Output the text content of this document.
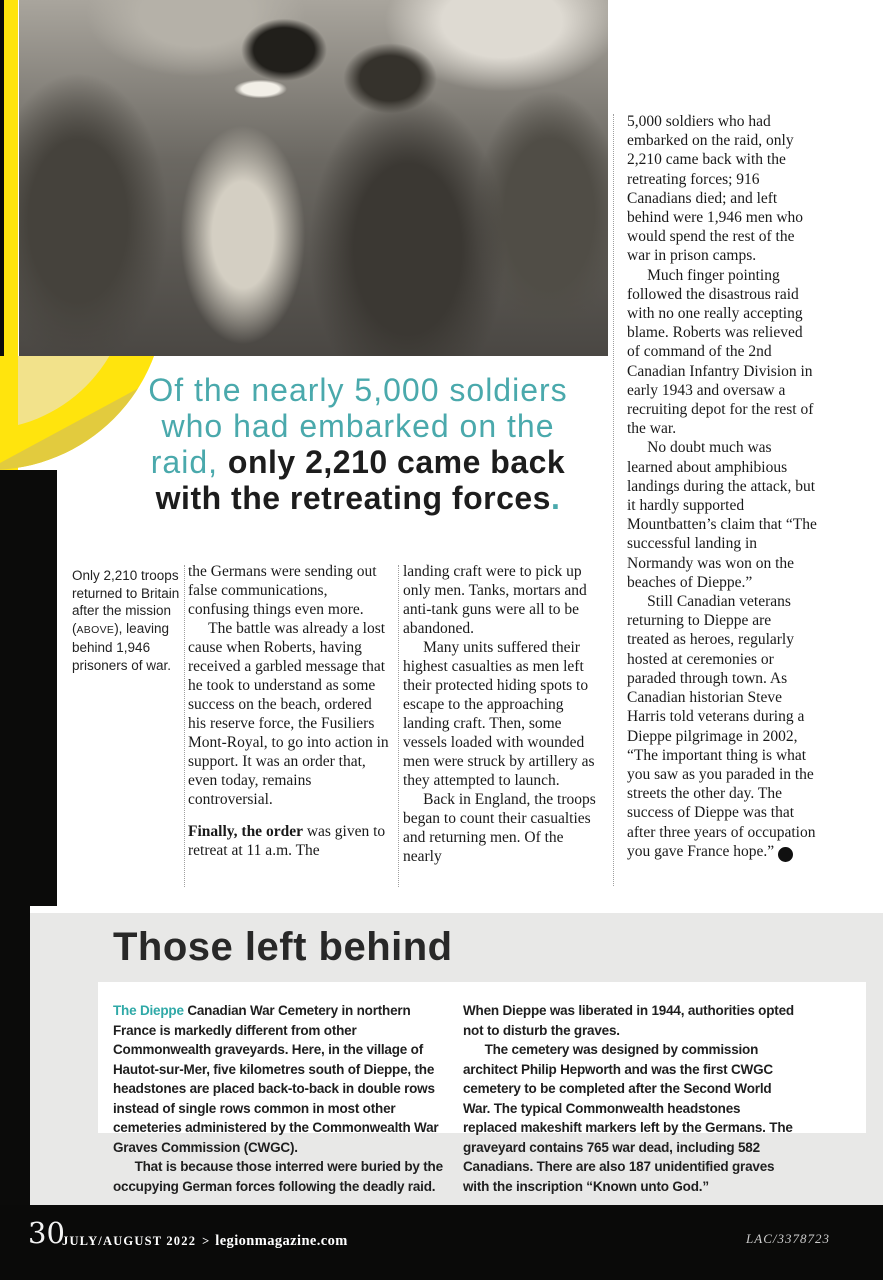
Of the nearly 5,000 soldiers
who had embarked on the
raid, only 2,210 came back
with the retreating forces.
Only 2,210 troops returned to Britain after the mission (ABOVE), leaving behind 1,946 prisoners of war.

the Germans were sending out false communications, confusing things even more.

The battle was already a lost cause when Roberts, having received a garbled message that he took to understand as some success on the beach, ordered his reserve force, the Fusiliers Mont-Royal, to go into action in support. It was an order that, even today, remains controversial.

Finally, the order was given to retreat at 11 a.m. The

landing craft were to pick up only men. Tanks, mortars and anti-tank guns were all to be abandoned.

Many units suffered their highest casualties as men left their protected hiding spots to escape to the approaching landing craft. Then, some vessels loaded with wounded men were struck by artillery as they attempted to launch.

Back in England, the troops began to count their casualties and returning men. Of the nearly

5,000 soldiers who had embarked on the raid, only 2,210 came back with the retreating forces; 916 Canadians died; and left behind were 1,946 men who would spend the rest of the war in prison camps.

Much finger pointing followed the disastrous raid with no one really accepting blame. Roberts was relieved of command of the 2nd Canadian Infantry Division in early 1943 and oversaw a recruiting depot for the rest of the war.

No doubt much was learned about amphibious landings during the attack, but it hardly supported Mountbatten’s claim that “The successful landing in Normandy was won on the beaches of Dieppe.”

Still Canadian veterans returning to Dieppe are treated as heroes, regularly hosted at ceremonies or paraded through town. As Canadian historian Steve Harris told veterans during a Dieppe pilgrimage in 2002, “The important thing is what you saw as you paraded in the streets the other day. The success of Dieppe was that after three years of occupation you gave France hope.” 0

Those left behind

The Dieppe Canadian War Cemetery in northern France is markedly different from other Commonwealth graveyards. Here, in the village of Hautot-sur-Mer, five kilometres south of Dieppe, the headstones are placed back-to-back in double rows instead of single rows common in most other cemeteries administered by the Commonwealth War Graves Commission (CWGC).

That is because those interred were buried by the occupying German forces following the deadly raid.

When Dieppe was liberated in 1944, authorities opted not to disturb the graves.

The cemetery was designed by commission architect Philip Hepworth and was the first CWGC cemetery to be completed after the Second World War. The typical Commonwealth headstones replaced makeshift markers left by the Germans. The graveyard contains 765 war dead, including 582 Canadians. There are also 187 unidentified graves with the inscription “Known unto God.”

30
JULY/AUGUST 2022 > legionmagazine.com	LAC/3378723
